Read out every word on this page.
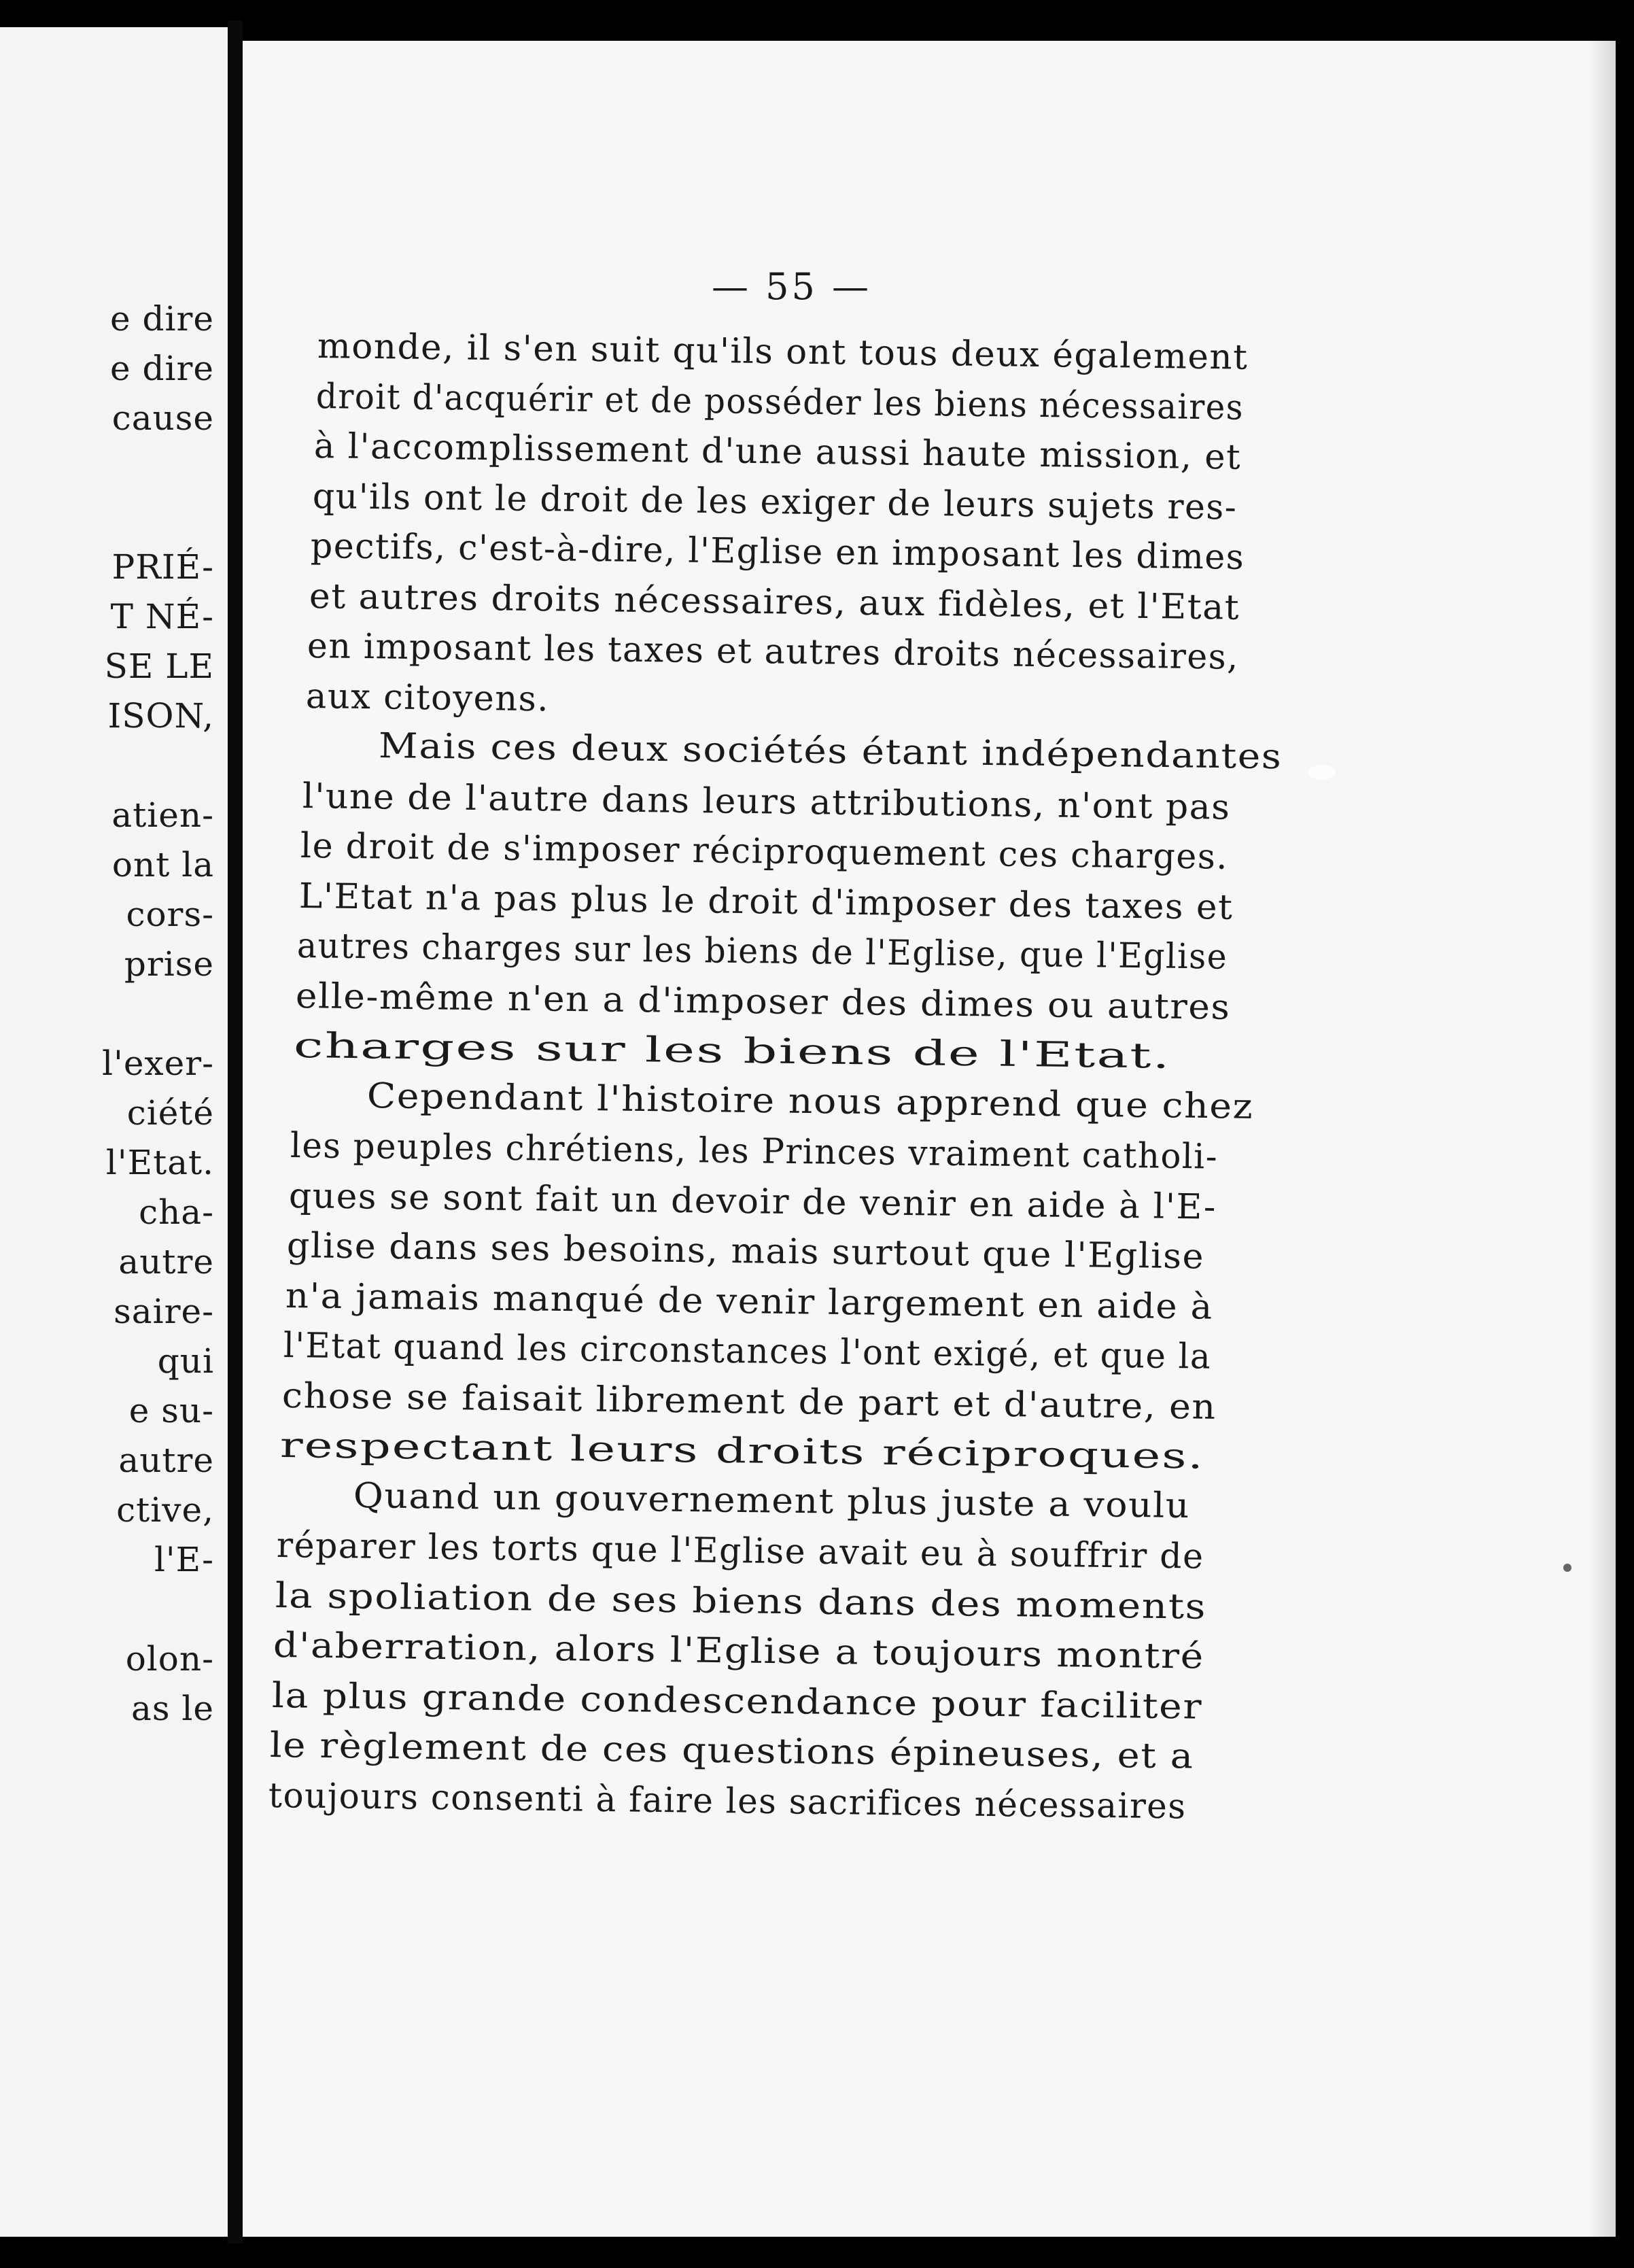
e dire
e dire
cause
PRIÉ-
T NÉ-
SE LE
ISON,
atien-
ont la
cors-
prise
l'exer-
ciété
l'Etat.
cha-
autre
saire-
qui
e su-
autre
ctive,
l'E-
olon-
as le
— 55 —
monde, il s'en suit qu'ils ont tous deux également
droit d'acquérir et de posséder les biens nécessaires
à l'accomplissement d'une aussi haute mission, et
qu'ils ont le droit de les exiger de leurs sujets res-
pectifs, c'est-à-dire, l'Eglise en imposant les dimes
et autres droits nécessaires, aux fidèles, et l'Etat
en imposant les taxes et autres droits nécessaires,
aux citoyens.
Mais ces deux sociétés étant indépendantes
l'une de l'autre dans leurs attributions, n'ont pas
le droit de s'imposer réciproquement ces charges.
L'Etat n'a pas plus le droit d'imposer des taxes et
autres charges sur les biens de l'Eglise, que l'Eglise
elle-même n'en a d'imposer des dimes ou autres
charges sur les biens de l'Etat.
Cependant l'histoire nous apprend que chez
les peuples chrétiens, les Princes vraiment catholi-
ques se sont fait un devoir de venir en aide à l'E-
glise dans ses besoins, mais surtout que l'Eglise
n'a jamais manqué de venir largement en aide à
l'Etat quand les circonstances l'ont exigé, et que la
chose se faisait librement de part et d'autre, en
respectant leurs droits réciproques.
Quand un gouvernement plus juste a voulu
réparer les torts que l'Eglise avait eu à souffrir de
la spoliation de ses biens dans des moments
d'aberration, alors l'Eglise a toujours montré
la plus grande condescendance pour faciliter
le règlement de ces questions épineuses, et a
toujours consenti à faire les sacrifices nécessaires
